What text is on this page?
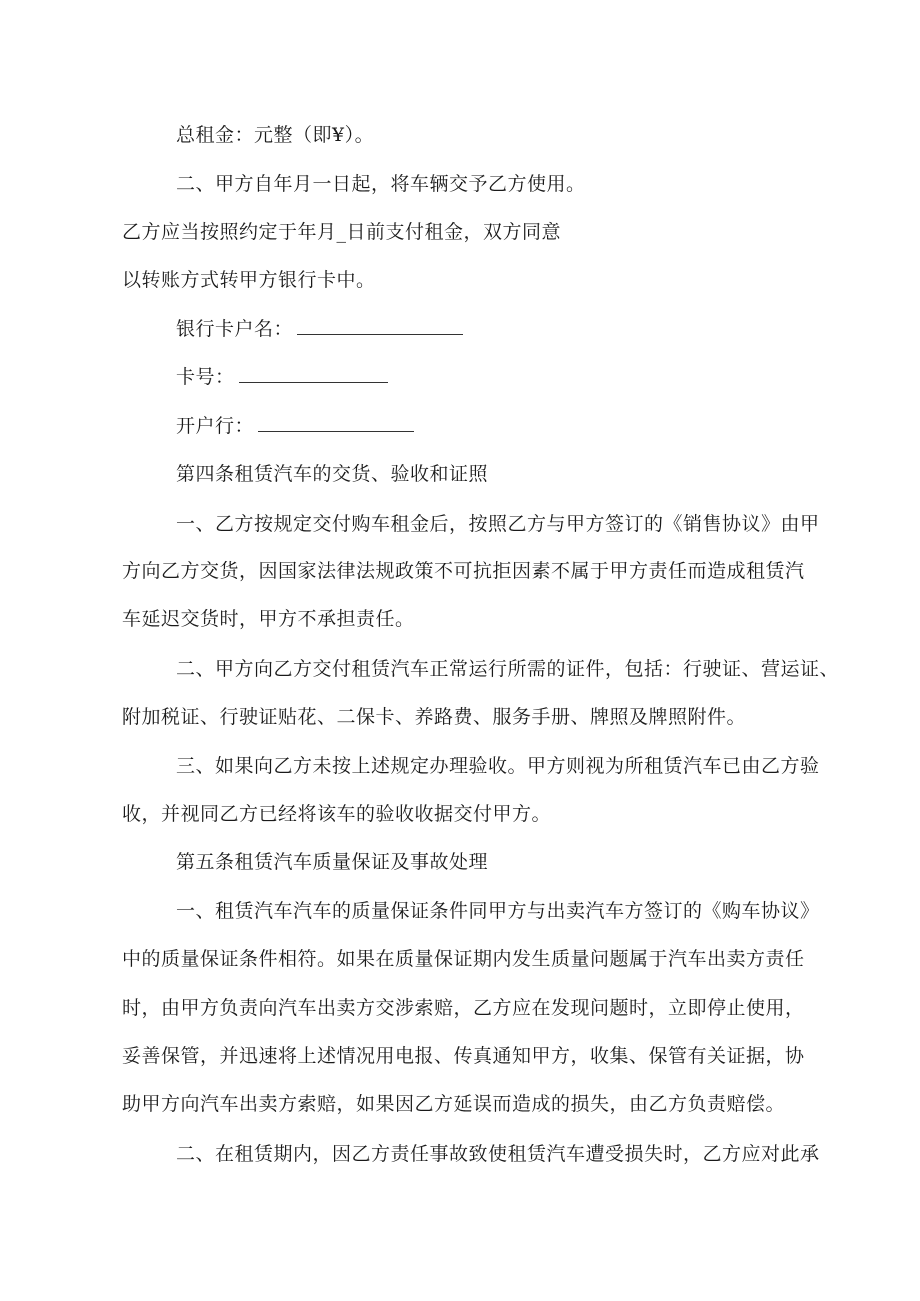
总租金：元整（即¥）。
二、甲方自年月一日起，将车辆交予乙方使用。
乙方应当按照约定于年月_日前支付租金，双方同意
以转账方式转甲方银行卡中。
银行卡户名：
卡号：
开户行：
第四条租赁汽车的交货、验收和证照
一、乙方按规定交付购车租金后，按照乙方与甲方签订的《销售协议》由甲
方向乙方交货，因国家法律法规政策不可抗拒因素不属于甲方责任而造成租赁汽
车延迟交货时，甲方不承担责任。
二、甲方向乙方交付租赁汽车正常运行所需的证件，包括：行驶证、营运证、
附加税证、行驶证贴花、二保卡、养路费、服务手册、牌照及牌照附件。
三、如果向乙方未按上述规定办理验收。甲方则视为所租赁汽车已由乙方验
收，并视同乙方已经将该车的验收收据交付甲方。
第五条租赁汽车质量保证及事故处理
一、租赁汽车汽车的质量保证条件同甲方与出卖汽车方签订的《购车协议》
中的质量保证条件相符。如果在质量保证期内发生质量问题属于汽车出卖方责任
时，由甲方负责向汽车出卖方交涉索赔，乙方应在发现问题时，立即停止使用，
妥善保管，并迅速将上述情况用电报、传真通知甲方，收集、保管有关证据，协
助甲方向汽车出卖方索赔，如果因乙方延误而造成的损失，由乙方负责赔偿。
二、在租赁期内，因乙方责任事故致使租赁汽车遭受损失时，乙方应对此承
